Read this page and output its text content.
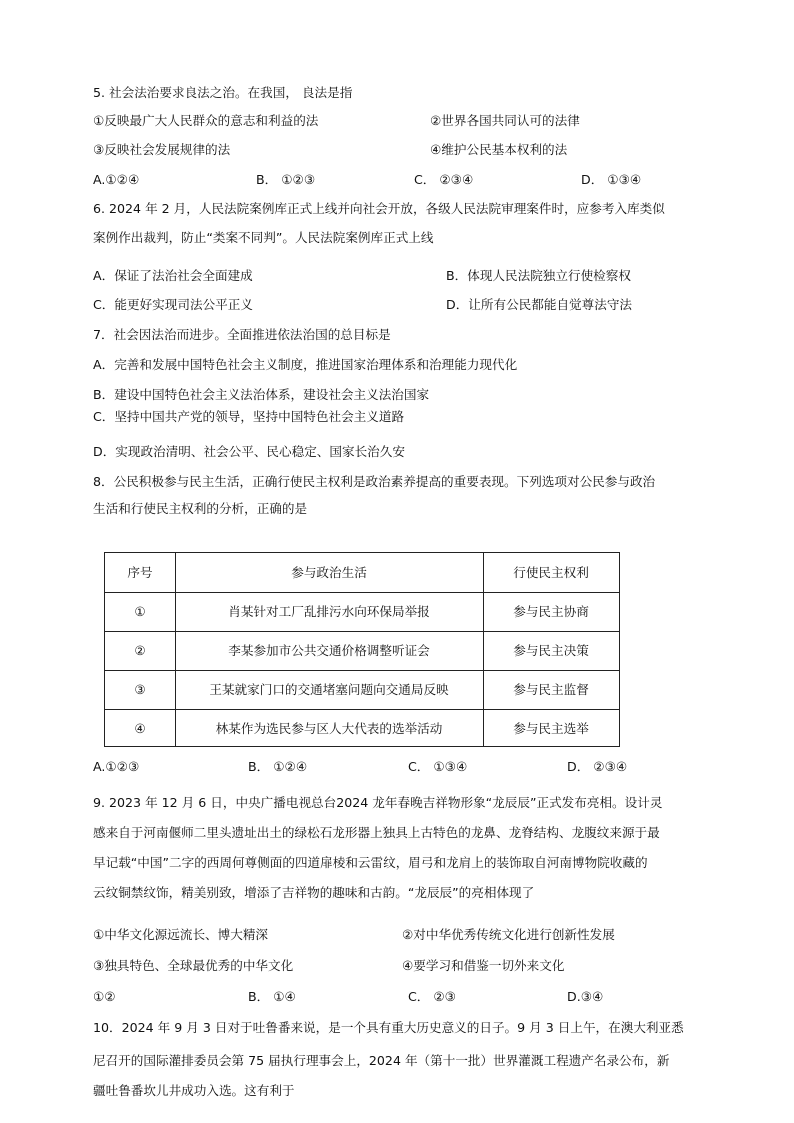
5. 社会法治要求良法之治。在我国， 良法是指
①反映最广大人民群众的意志和利益的法	②世界各国共同认可的法律
③反映社会发展规律的法	④维护公民基本权利的法
A.①②④	B． ①②③	C． ②③④	D． ①③④
6. 2024 年 2 月，人民法院案例库正式上线并向社会开放，各级人民法院审理案件时，应参考入库类似
案例作出裁判，防止“类案不同判”。人民法院案例库正式上线
A．保证了法治社会全面建成	B．体现人民法院独立行使检察权
C．能更好实现司法公平正义	D．让所有公民都能自觉尊法守法
7．社会因法治而进步。全面推进依法治国的总目标是
A．完善和发展中国特色社会主义制度，推进国家治理体系和治理能力现代化
B．建设中国特色社会主义法治体系，建设社会主义法治国家
C．坚持中国共产党的领导，坚持中国特色社会主义道路
D．实现政治清明、社会公平、民心稳定、国家长治久安
8．公民积极参与民主生活，正确行使民主权利是政治素养提高的重要表现。下列选项对公民参与政治
生活和行使民主权利的分析，正确的是
序号	参与政治生活	行使民主权利
①	肖某针对工厂乱排污水向环保局举报	参与民主协商
②	李某参加市公共交通价格调整听证会	参与民主决策
③	王某就家门口的交通堵塞问题向交通局反映	参与民主监督
④	林某作为选民参与区人大代表的选举活动	参与民主选举
A.①②③	B． ①②④	C． ①③④	D． ②③④
9. 2023 年 12 月 6 日，中央广播电视总台2024 龙年春晚吉祥物形象“龙辰辰”正式发布亮相。设计灵
感来自于河南偃师二里头遗址出土的绿松石龙形器上独具上古特色的龙鼻、龙脊结构、龙腹纹来源于最
早记载“中国”二字的西周何尊侧面的四道扉棱和云雷纹，眉弓和龙肩上的装饰取自河南博物院收藏的
云纹铜禁纹饰，精美别致，增添了吉祥物的趣味和古韵。“龙辰辰”的亮相体现了
①中华文化源远流长、博大精深	②对中华优秀传统文化进行创新性发展
③独具特色、全球最优秀的中华文化	④要学习和借鉴一切外来文化
①②	B． ①④	C． ②③	D.③④
10．2024 年 9 月 3 日对于吐鲁番来说，是一个具有重大历史意义的日子。9 月 3 日上午，在澳大利亚悉
尼召开的国际灌排委员会第 75 届执行理事会上，2024 年（第十一批）世界灌溉工程遗产名录公布，新
疆吐鲁番坎儿井成功入选。这有利于
